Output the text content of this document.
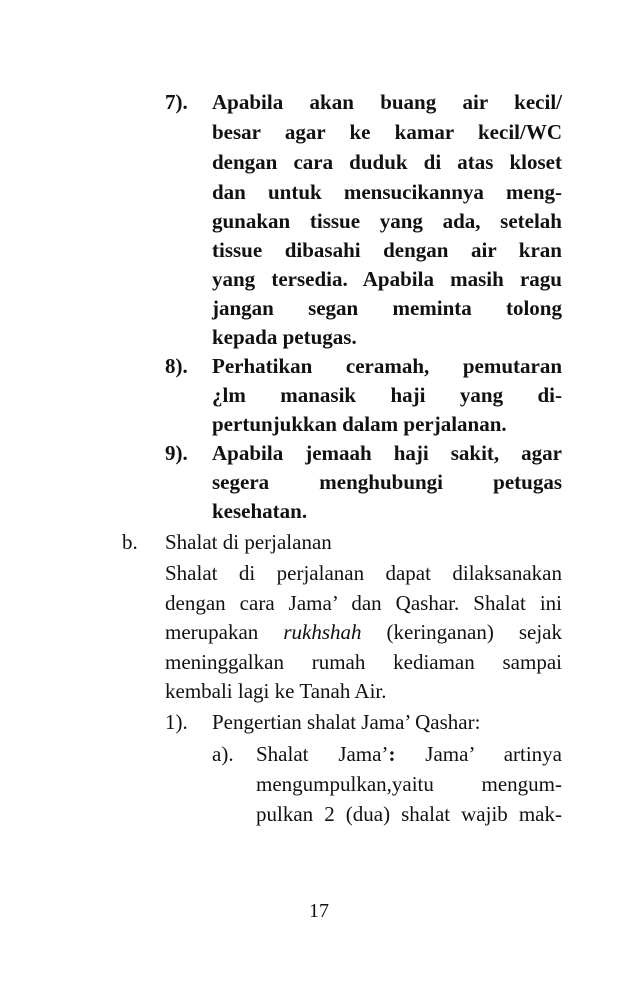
7). Apabila akan buang air kecil/
besar agar ke kamar kecil/WC
dengan cara duduk di atas kloset
dan untuk mensucikannya meng-
gunakan tissue yang ada, setelah
tissue dibasahi dengan air kran
yang tersedia. Apabila masih ragu
jangan segan meminta tolong
kepada petugas.
8). Perhatikan ceramah, pemutaran
¿lm manasik haji yang di-
pertunjukkan dalam perjalanan.
9). Apabila jemaah haji sakit, agar
segera menghubungi petugas
kesehatan.
b. Shalat di perjalanan
Shalat di perjalanan dapat dilaksanakan
dengan cara Jama’ dan Qashar. Shalat ini
merupakan rukhshah (keringanan) sejak
meninggalkan rumah kediaman sampai
kembali lagi ke Tanah Air.
1). Pengertian shalat Jama’ Qashar:
a). Shalat Jama’: Jama’ artinya
mengumpulkan,yaitu mengum-
pulkan 2 (dua) shalat wajib mak-
17
